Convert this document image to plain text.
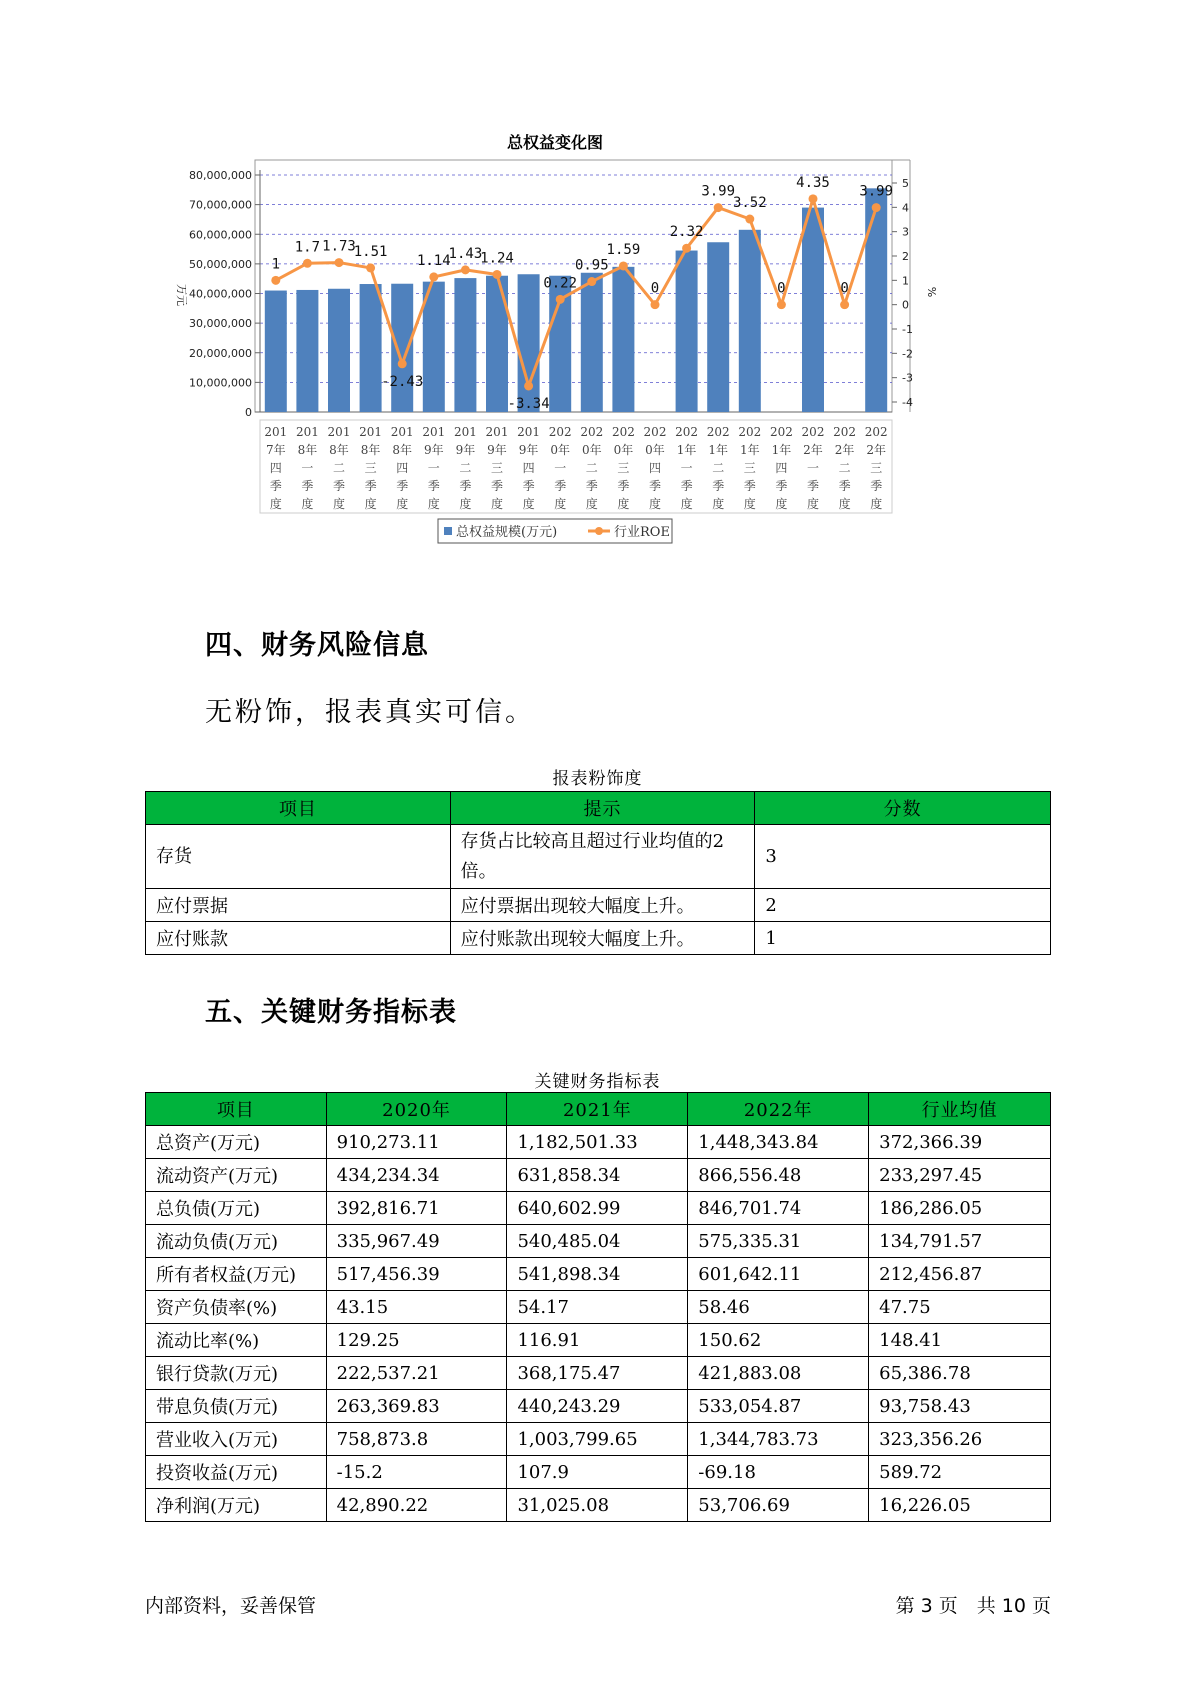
总权益变化图
0
10,000,000
20,000,000
30,000,000
40,000,000
50,000,000
60,000,000
70,000,000
80,000,000
-4
-3
-2
-1
0
1
2
3
4
5
万元	%
1
1.7 1.73
1.51
-2.43
1.14
1.43
1.24
-3.34
0.22
0.95
1.59
0
2.32
3.99
3.52
0
4.35
0
3.99
201
7年
四
季
度
201
8年
一
季
度
201
8年
二
季
度
201
8年
三
季
度
201
8年
四
季
度
201
9年
一
季
度
201
9年
二
季
度
201
9年
三
季
度
201
9年
四
季
度
202
0年
一
季
度
202
0年
二
季
度
202
0年
三
季
度
202
0年
四
季
度
202
1年
一
季
度
202
1年
二
季
度
202
1年
三
季
度
202
1年
四
季
度
202
2年
一
季
度
202
2年
二
季
度
202
2年
三
季
度
总权益规模(万元)	行业ROE
四、财务风险信息

无粉饰，报表真实可信。

报表粉饰度
项目	提示	分数
存货	存货占比较高且超过行业均值的2
倍。	3
应付票据	应付票据出现较大幅度上升。	2
应付账款	应付账款出现较大幅度上升。	1
五、关键财务指标表
关键财务指标表
项目	2020年	2021年	2022年	行业均值
总资产(万元)	910,273.11	1,182,501.33	1,448,343.84	372,366.39
流动资产(万元)	434,234.34	631,858.34	866,556.48	233,297.45
总负债(万元)	392,816.71	640,602.99	846,701.74	186,286.05
流动负债(万元)	335,967.49	540,485.04	575,335.31	134,791.57
所有者权益(万元)	517,456.39	541,898.34	601,642.11	212,456.87
资产负债率(%)	43.15	54.17	58.46	47.75
流动比率(%)	129.25	116.91	150.62	148.41
银行贷款(万元)	222,537.21	368,175.47	421,883.08	65,386.78
带息负债(万元)	263,369.83	440,243.29	533,054.87	93,758.43
营业收入(万元)	758,873.8	1,003,799.65	1,344,783.73	323,356.26
投资收益(万元)	-15.2	107.9	-69.18	589.72
净利润(万元)	42,890.22	31,025.08	53,706.69	16,226.05
内部资料，妥善保管	第 3 页　共 10 页
